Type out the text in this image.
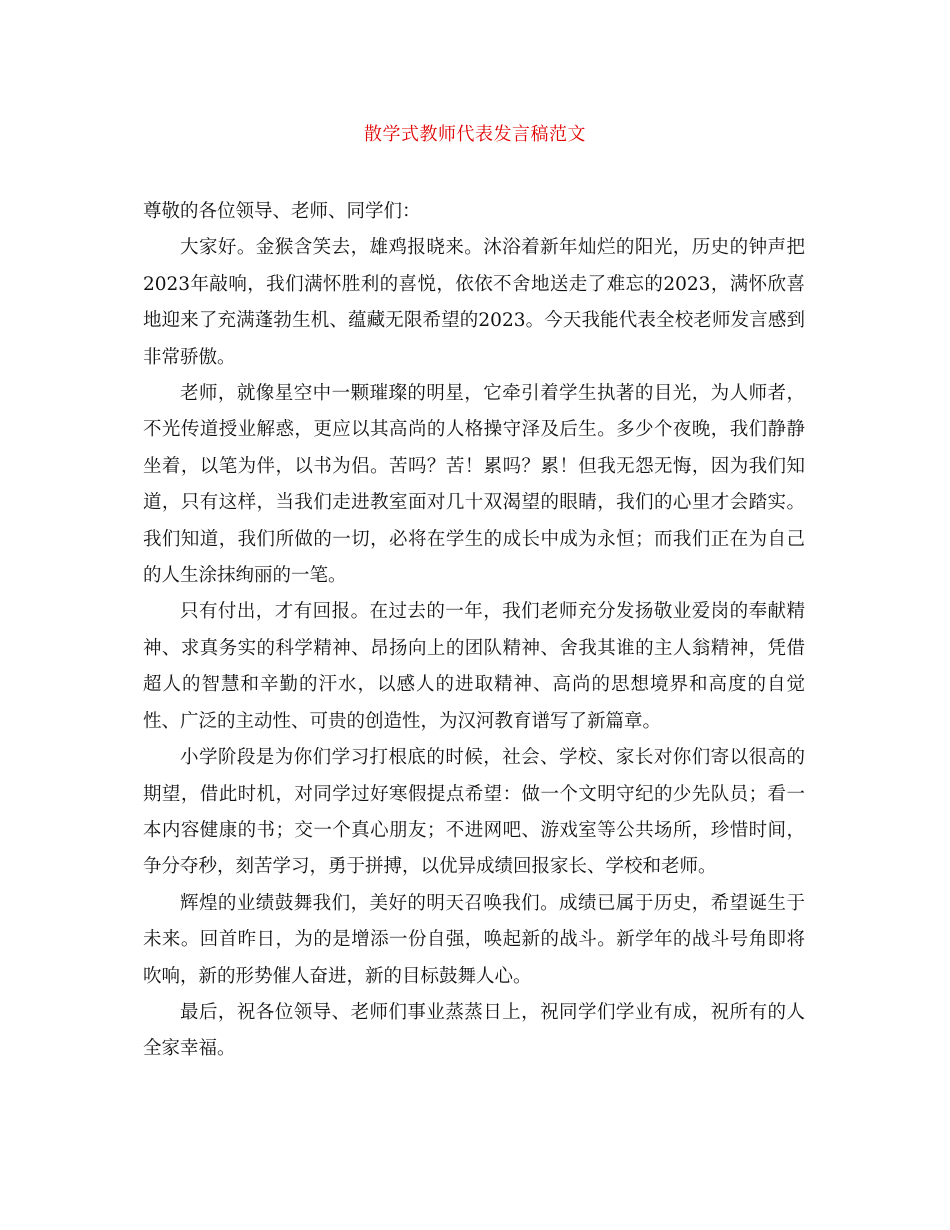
散学式教师代表发言稿范文

尊敬的各位领导、老师、同学们：

大家好。金猴含笑去，雄鸡报晓来。沐浴着新年灿烂的阳光，历史的钟声把2023年敲响，我们满怀胜利的喜悦，依依不舍地送走了难忘的2023，满怀欣喜地迎来了充满蓬勃生机、蕴藏无限希望的2023。今天我能代表全校老师发言感到非常骄傲。

老师，就像星空中一颗璀璨的明星，它牵引着学生执著的目光，为人师者，不光传道授业解惑，更应以其高尚的人格操守泽及后生。多少个夜晚，我们静静坐着，以笔为伴，以书为侣。苦吗？苦！累吗？累！但我无怨无悔，因为我们知道，只有这样，当我们走进教室面对几十双渴望的眼睛，我们的心里才会踏实。我们知道，我们所做的一切，必将在学生的成长中成为永恒；而我们正在为自己的人生涂抹绚丽的一笔。

只有付出，才有回报。在过去的一年，我们老师充分发扬敬业爱岗的奉献精神、求真务实的科学精神、昂扬向上的团队精神、舍我其谁的主人翁精神，凭借超人的智慧和辛勤的汗水，以感人的进取精神、高尚的思想境界和高度的自觉性、广泛的主动性、可贵的创造性，为汉河教育谱写了新篇章。

小学阶段是为你们学习打根底的时候，社会、学校、家长对你们寄以很高的期望，借此时机，对同学过好寒假提点希望：做一个文明守纪的少先队员；看一本内容健康的书；交一个真心朋友；不进网吧、游戏室等公共场所，珍惜时间，争分夺秒，刻苦学习，勇于拼搏，以优异成绩回报家长、学校和老师。

辉煌的业绩鼓舞我们，美好的明天召唤我们。成绩已属于历史，希望诞生于未来。回首昨日，为的是增添一份自强，唤起新的战斗。新学年的战斗号角即将吹响，新的形势催人奋进，新的目标鼓舞人心。

最后，祝各位领导、老师们事业蒸蒸日上，祝同学们学业有成，祝所有的人全家幸福。
